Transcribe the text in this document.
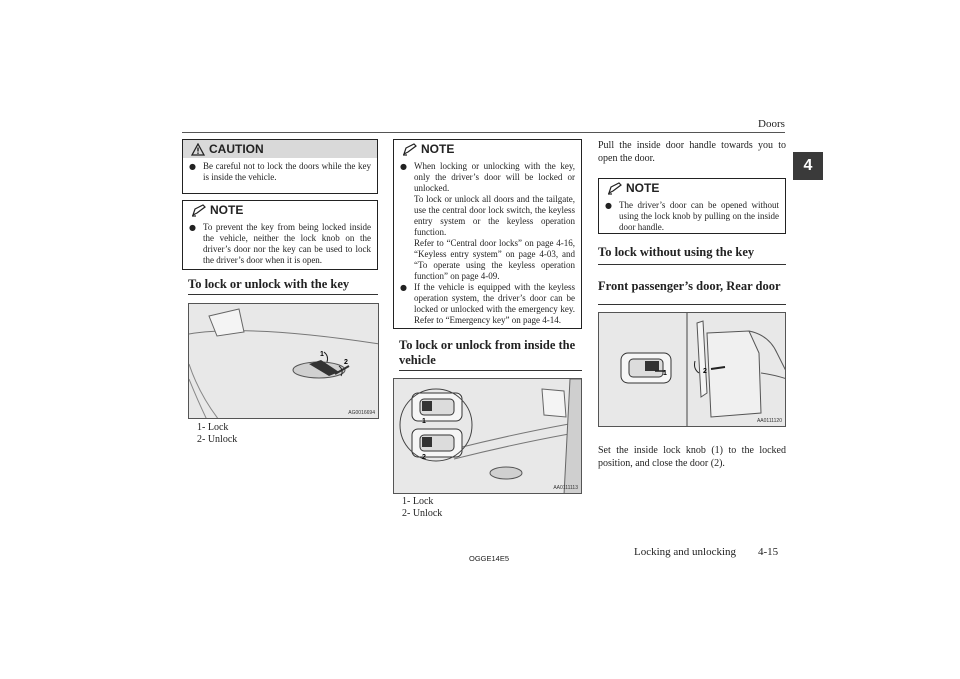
Doors
4
CAUTION
● Be careful not to lock the doors while the key is inside the vehicle.
NOTE
● To prevent the key from being locked inside the vehicle, neither the lock knob on the driver’s door nor the key can be used to lock the driver’s door when it is open.
To lock or unlock with the key
1
2
AG0016694
1- Lock
2- Unlock
NOTE
● When locking or unlocking with the key, only the driver’s door will be locked or unlocked.
To lock or unlock all doors and the tailgate, use the central door lock switch, the keyless entry system or the keyless operation function.
Refer to “Central door locks” on page 4-16, “Keyless entry system” on page 4-03, and “To operate using the keyless operation function” on page 4-09.
● If the vehicle is equipped with the keyless operation system, the driver’s door can be locked or unlocked with the emergency key. Refer to “Emergency key” on page 4-14.
To lock or unlock from inside the vehicle
1
2
AA0111113
1- Lock
2- Unlock
Pull the inside door handle towards you to open the door.
NOTE
● The driver’s door can be opened without using the lock knob by pulling on the inside door handle.
To lock without using the key
Front passenger’s door, Rear door
1	2
AA0111120
Set the inside lock knob (1) to the locked position, and close the door (2).
OGGE14E5
Locking and unlocking 4-15
